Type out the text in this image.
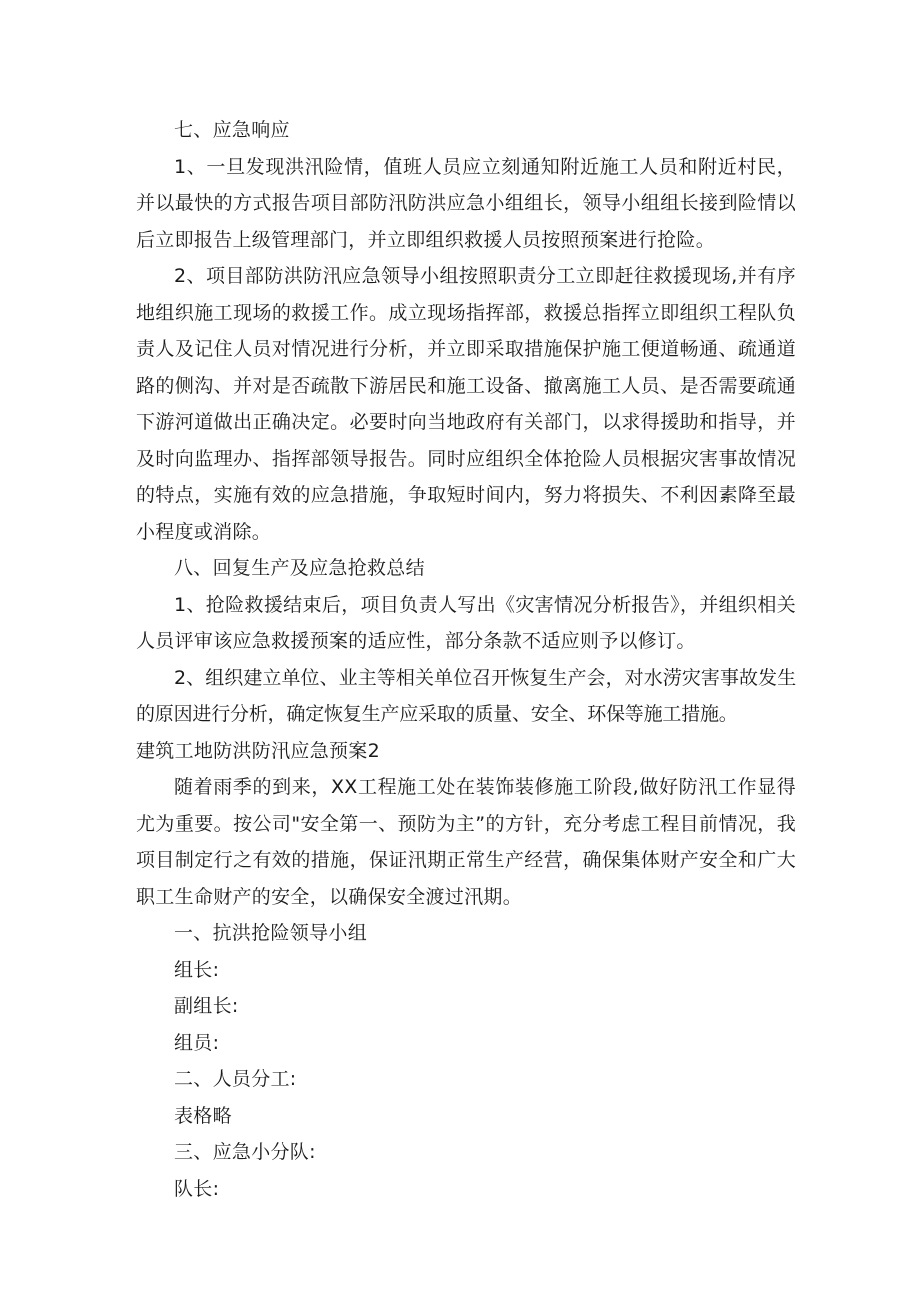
七、应急响应

1、一旦发现洪汛险情，值班人员应立刻通知附近施工人员和附近村民，并以最快的方式报告项目部防汛防洪应急小组组长，领导小组组长接到险情以后立即报告上级管理部门，并立即组织救援人员按照预案进行抢险。

2、项目部防洪防汛应急领导小组按照职责分工立即赶往救援现场,并有序地组织施工现场的救援工作。成立现场指挥部，救援总指挥立即组织工程队负责人及记住人员对情况进行分析，并立即采取措施保护施工便道畅通、疏通道路的侧沟、并对是否疏散下游居民和施工设备、撤离施工人员、是否需要疏通下游河道做出正确决定。必要时向当地政府有关部门，以求得援助和指导，并及时向监理办、指挥部领导报告。同时应组织全体抢险人员根据灾害事故情况的特点，实施有效的应急措施，争取短时间内，努力将损失、不利因素降至最小程度或消除。

八、回复生产及应急抢救总结

1、抢险救援结束后，项目负责人写出《灾害情况分析报告》，并组织相关人员评审该应急救援预案的适应性，部分条款不适应则予以修订。

2、组织建立单位、业主等相关单位召开恢复生产会，对水涝灾害事故发生的原因进行分析，确定恢复生产应采取的质量、安全、环保等施工措施。

建筑工地防洪防汛应急预案2

随着雨季的到来，XX工程施工处在装饰装修施工阶段,做好防汛工作显得尤为重要。按公司"安全第一、预防为主”的方针，充分考虑工程目前情况，我项目制定行之有效的措施，保证汛期正常生产经营，确保集体财产安全和广大职工生命财产的安全，以确保安全渡过汛期。

一、抗洪抢险领导小组

组长:

副组长:

组员:

二、人员分工:

表格略

三、应急小分队:

队长:
